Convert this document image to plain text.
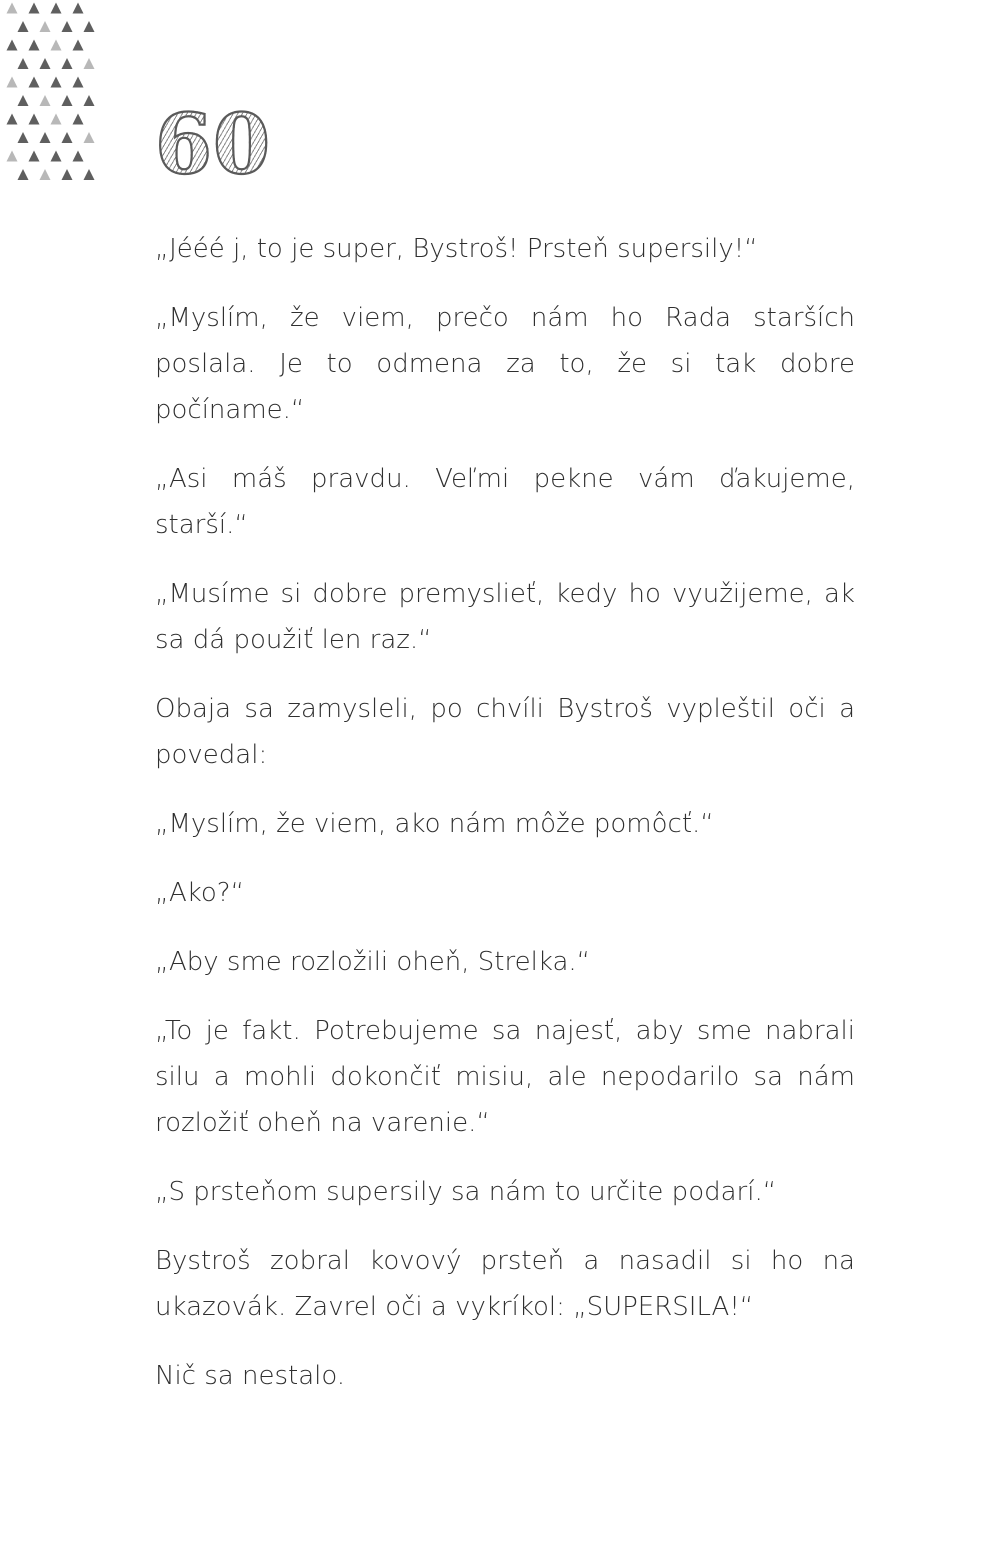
60

„Jééé j, to je super, Bystroš! Prsteň supersily!“

„Myslím, že viem, prečo nám ho Rada starších poslala. Je to odmena za to, že si tak dobre počíname.“

„Asi máš pravdu. Veľmi pekne vám ďakujeme, starší.“

„Musíme si dobre premyslieť, kedy ho využijeme, ak sa dá použiť len raz.“

Obaja sa zamysleli, po chvíli Bystroš vypleštil oči a povedal:

„Myslím, že viem, ako nám môže pomôcť.“

„Ako?“

„Aby sme rozložili oheň, Strelka.“

„To je fakt. Potrebujeme sa najesť, aby sme nabrali silu a mohli dokončiť misiu, ale nepodarilo sa nám rozložiť oheň na varenie.“

„S prsteňom supersily sa nám to určite podarí.“

Bystroš zobral kovový prsteň a nasadil si ho na ukazovák. Zavrel oči a vykríkol: „SUPERSILA!“

Nič sa nestalo.
